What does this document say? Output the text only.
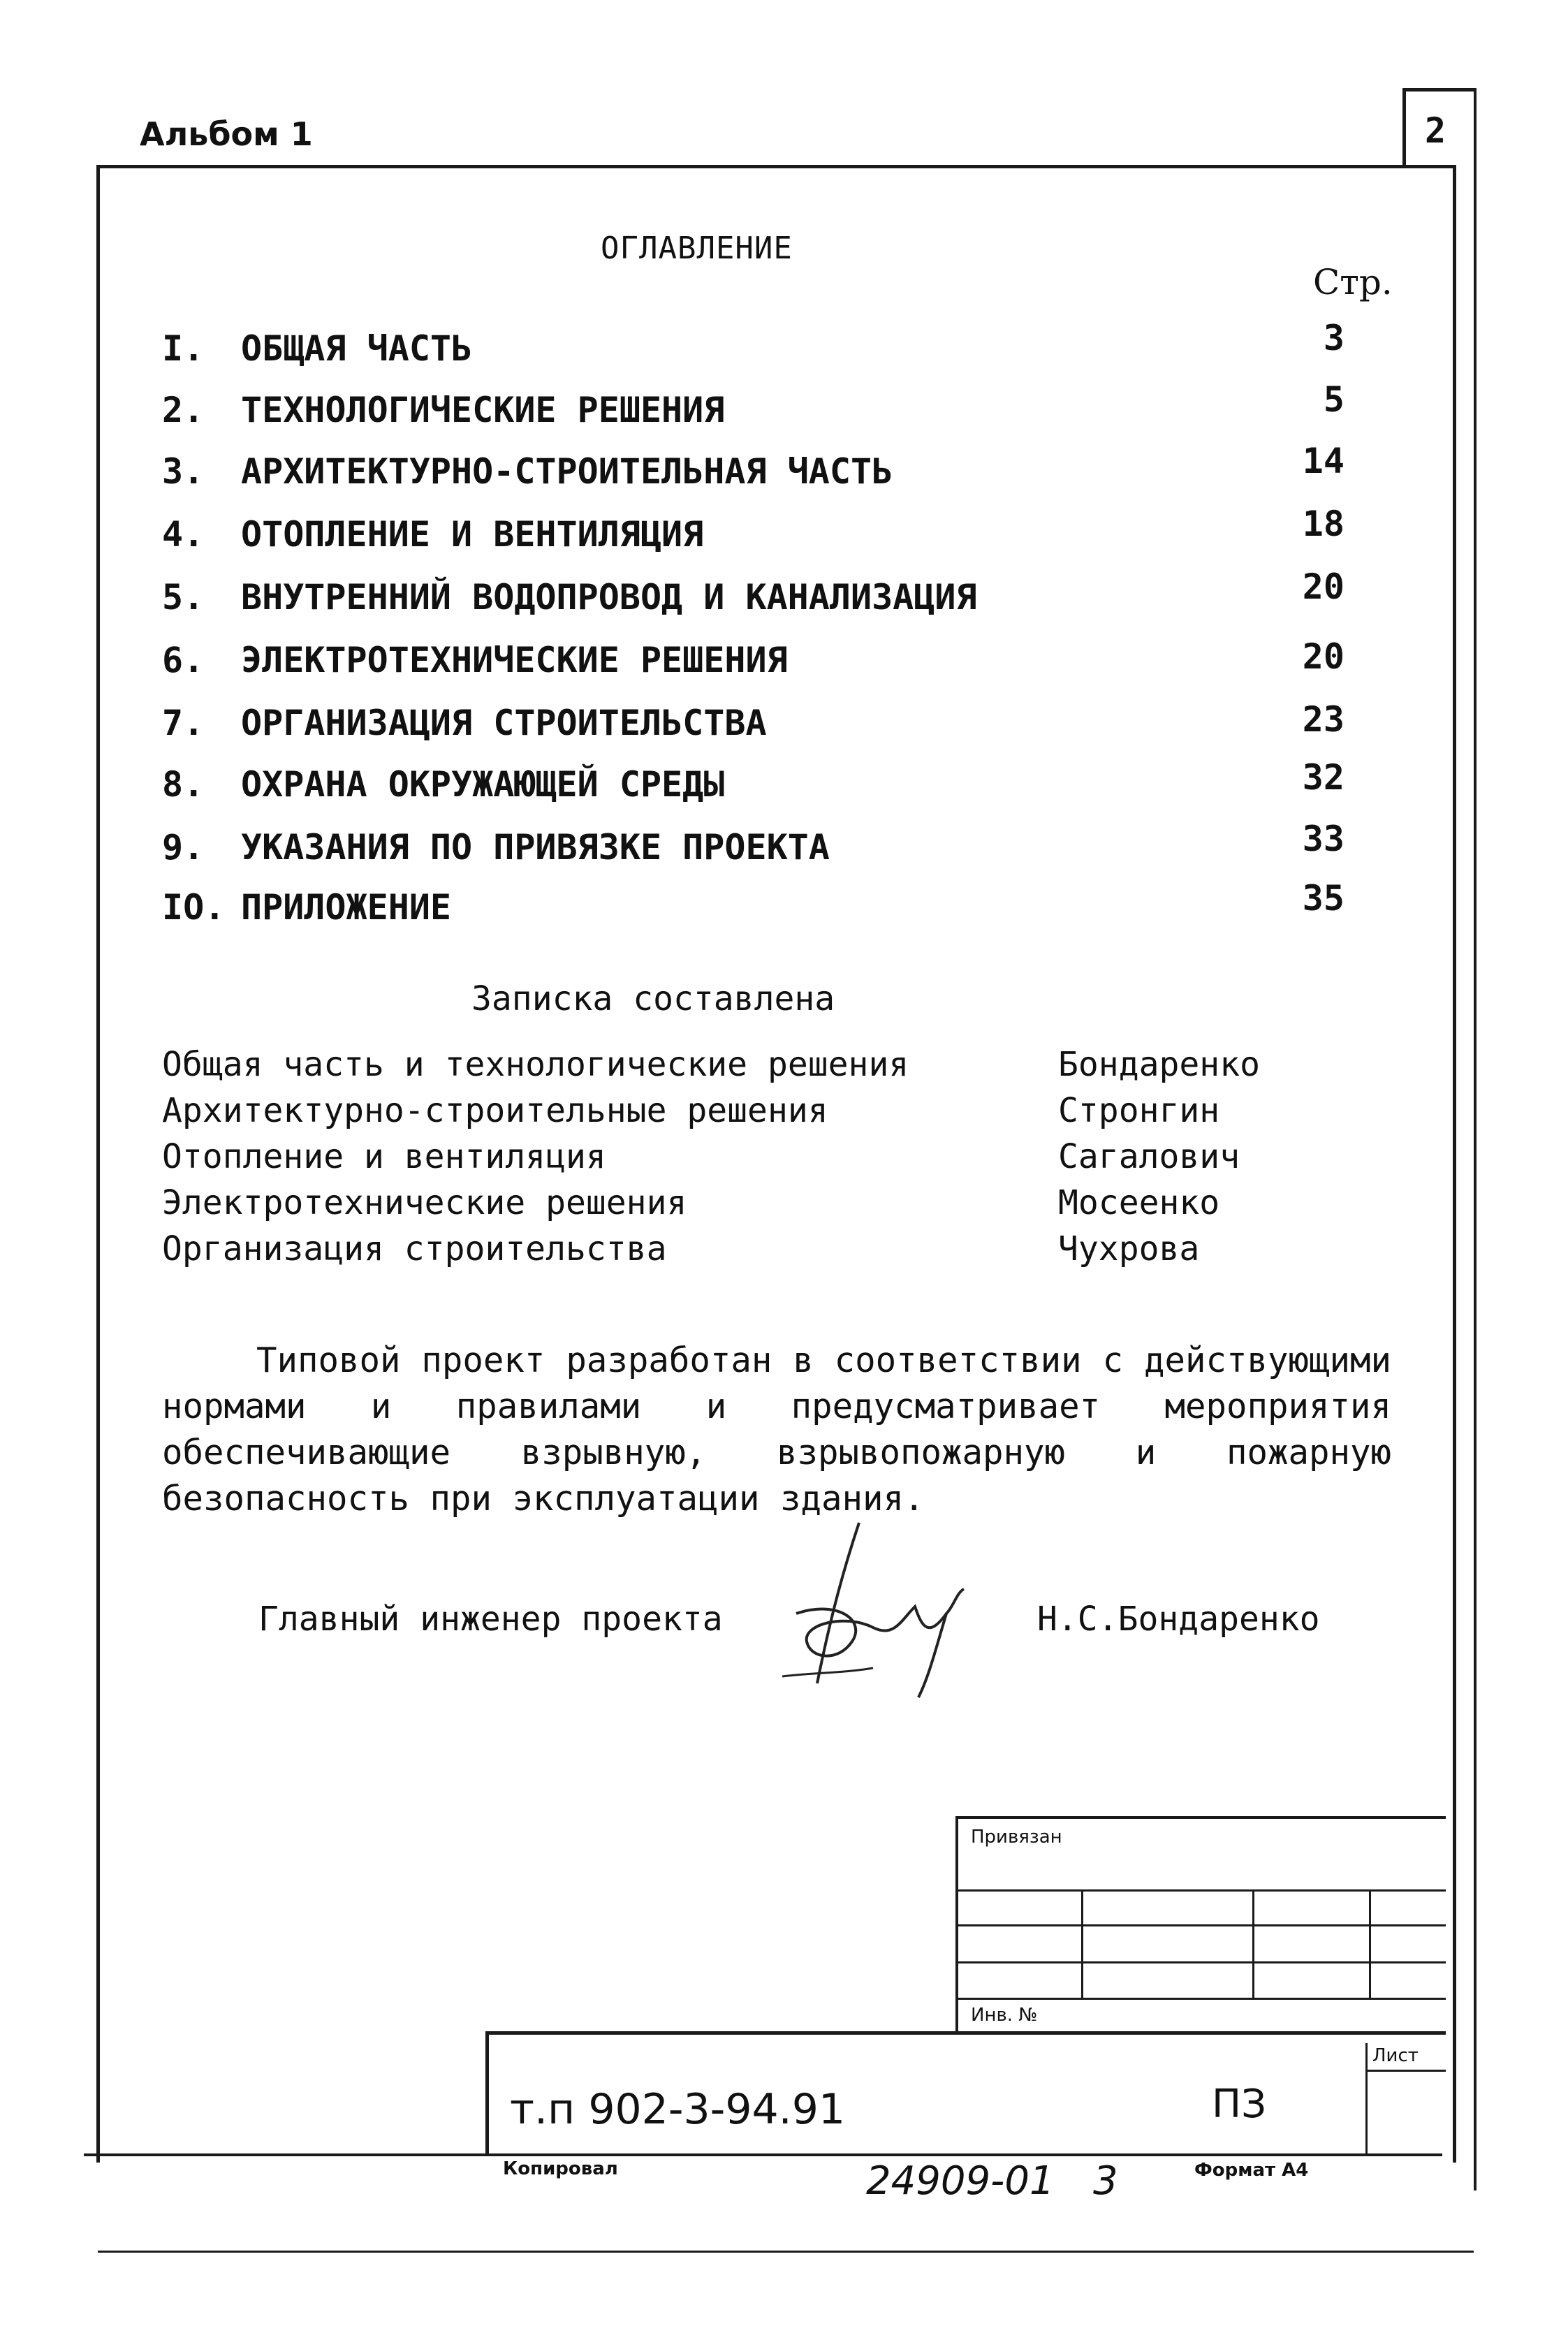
Альбом 1	2
ОГЛАВЛЕНИЕ
Стр.
I. ОБЩАЯ ЧАСТЬ	3
2. ТЕХНОЛОГИЧЕСКИЕ РЕШЕНИЯ	5
3. АРХИТЕКТУРНО-СТРОИТЕЛЬНАЯ ЧАСТЬ	14
4. ОТОПЛЕНИЕ И ВЕНТИЛЯЦИЯ	18
5. ВНУТРЕННИЙ ВОДОПРОВОД И КАНАЛИЗАЦИЯ	20
6. ЭЛЕКТРОТЕХНИЧЕСКИЕ РЕШЕНИЯ	20
7. ОРГАНИЗАЦИЯ СТРОИТЕЛЬСТВА	23
8. ОХРАНА ОКРУЖАЮЩЕЙ СРЕДЫ	32
9. УКАЗАНИЯ ПО ПРИВЯЗКЕ ПРОЕКТА	33
IO. ПРИЛОЖЕНИЕ	35
Записка составлена
Общая часть и технологические решения	Бондаренко
Архитектурно-строительные решения	Стронгин
Отопление и вентиляция	Сагалович
Электротехнические решения	Мосеенко
Организация строительства	Чухрова
Типовой проект разработан в соответствии с действующими нормами и правилами и предусматривает мероприятия обеспечивающие взрывную, взрывопожарную и пожарную безопасность при эксплуатации здания.
Главный инженер проекта	Н.С.Бондаренко
Привязан
Инв. №
Лист
т.п 902-3-94.91	ПЗ
Копировал	24909-01 3	Формат А4
